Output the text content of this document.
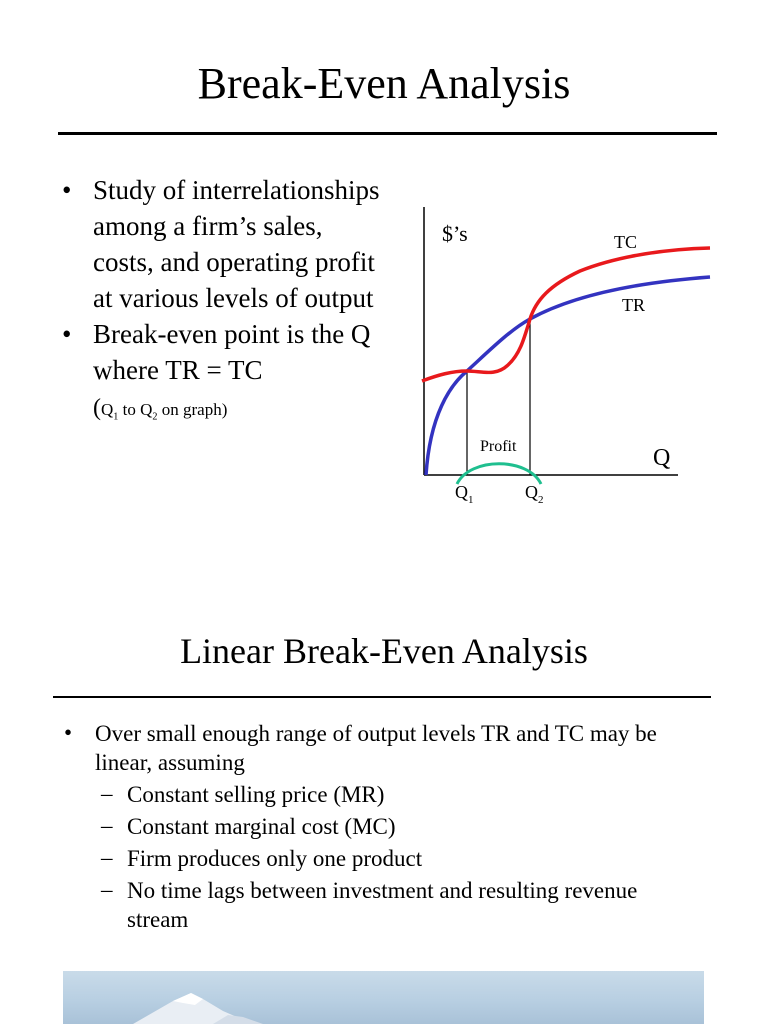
Break-Even Analysis
• Study of interrelationships among a firm’s sales, costs, and operating profit at various levels of output
• Break-even point is the Q where TR = TC
($Q_1$ to $Q_2$ on graph)
$’s	TC
TR
Profit	Q
$Q_1$	$Q_2$
Linear Break-Even Analysis
• Over small enough range of output levels TR and TC may be linear, assuming
– Constant selling price (MR)
– Constant marginal cost (MC)
– Firm produces only one product
– No time lags between investment and resulting revenue stream
